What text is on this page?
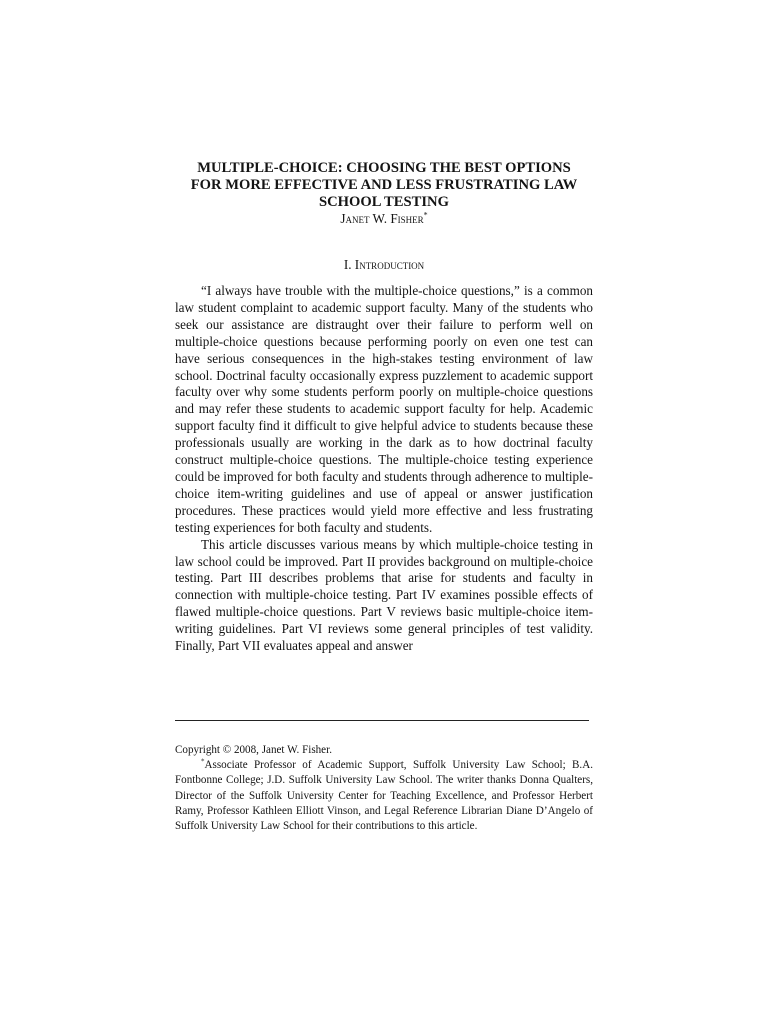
MULTIPLE-CHOICE: CHOOSING THE BEST OPTIONS
FOR MORE EFFECTIVE AND LESS FRUSTRATING LAW
SCHOOL TESTING

Janet W. Fisher*

I. Introduction

“I always have trouble with the multiple-choice questions,” is a common law student complaint to academic support faculty. Many of the students who seek our assistance are distraught over their failure to perform well on multiple-choice questions because performing poorly on even one test can have serious consequences in the high-stakes testing environment of law school. Doctrinal faculty occasionally express puzzlement to academic support faculty over why some students perform poorly on multiple-choice questions and may refer these students to academic support faculty for help. Academic support faculty find it difficult to give helpful advice to students because these professionals usually are working in the dark as to how doctrinal faculty construct multiple-choice questions. The multiple-choice testing experience could be improved for both faculty and students through adherence to multiple-choice item-writing guidelines and use of appeal or answer justification procedures. These practices would yield more effective and less frustrating testing experiences for both faculty and students.

This article discusses various means by which multiple-choice testing in law school could be improved. Part II provides background on multiple-choice testing. Part III describes problems that arise for students and faculty in connection with multiple-choice testing. Part IV examines possible effects of flawed multiple-choice questions. Part V reviews basic multiple-choice item-writing guidelines. Part VI reviews some general principles of test validity. Finally, Part VII evaluates appeal and answer

Copyright © 2008, Janet W. Fisher.

*Associate Professor of Academic Support, Suffolk University Law School; B.A. Fontbonne College; J.D. Suffolk University Law School. The writer thanks Donna Qualters, Director of the Suffolk University Center for Teaching Excellence, and Professor Herbert Ramy, Professor Kathleen Elliott Vinson, and Legal Reference Librarian Diane D’Angelo of Suffolk University Law School for their contributions to this article.
